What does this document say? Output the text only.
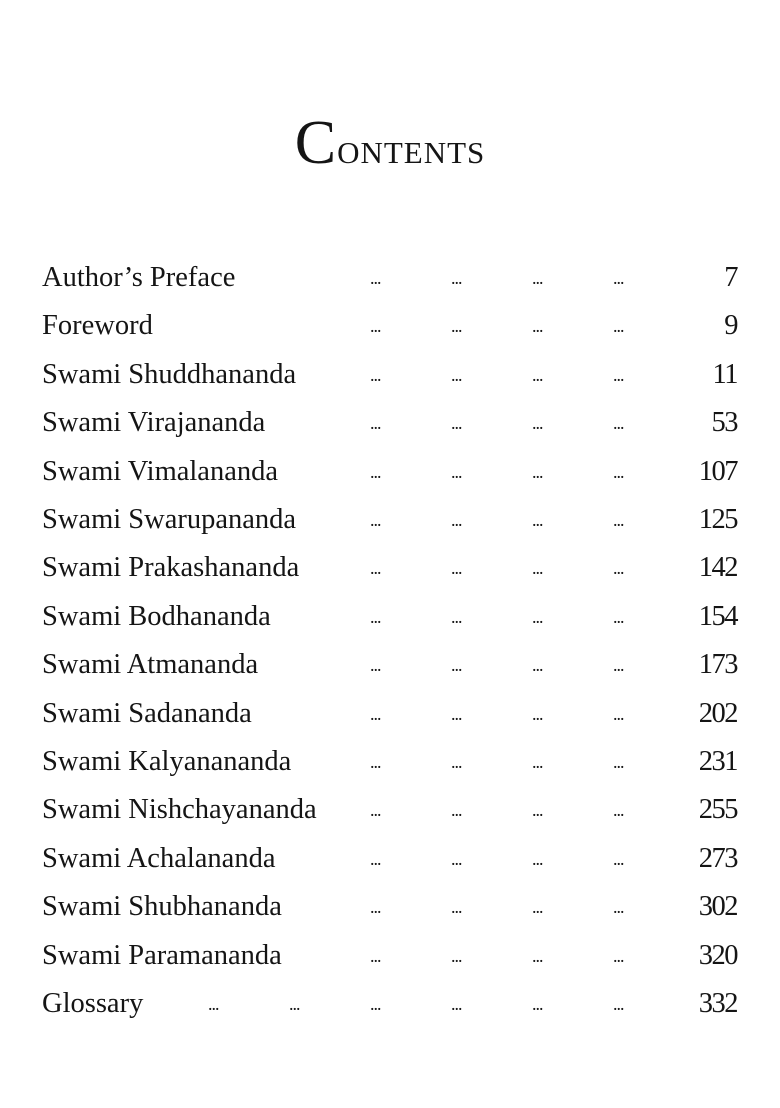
Contents
Author’s Preface	...	...	...	...	7
Foreword	...	...	...	...	9
Swami Shuddhananda	...	...	...	...	11
Swami Virajananda	...	...	...	...	53
Swami Vimalananda	...	...	...	...	107
Swami Swarupananda	...	...	...	...	125
Swami Prakashananda	...	...	...	...	142
Swami Bodhananda	...	...	...	...	154
Swami Atmananda	...	...	...	...	173
Swami Sadananda	...	...	...	...	202
Swami Kalyanananda	...	...	...	...	231
Swami Nishchayananda	...	...	...	...	255
Swami Achalananda	...	...	...	...	273
Swami Shubhananda	...	...	...	...	302
Swami Paramananda	...	...	...	...	320
Glossary	...	...	...	...	...	...	332
